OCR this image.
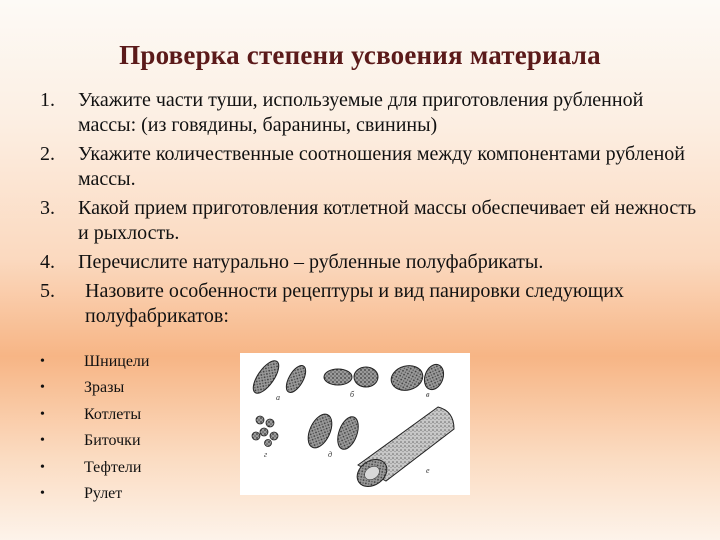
Проверка степени усвоения материала
1.	Укажите части туши, используемые для приготовления рубленной массы: (из говядины, баранины, свинины)
2.	Укажите количественные соотношения между компонентами рубленой массы.
3.	Какой прием приготовления котлетной массы обеспечивает ей нежность и рыхлость.
4.	Перечислите натурально – рубленные полуфабрикаты.
5.	Назовите особенности рецептуры и вид панировки следующих полуфабрикатов:
• Шницели
• Зразы
• Котлеты
• Биточки
• Тефтели
• Рулет
а	б	в
г	д
е
